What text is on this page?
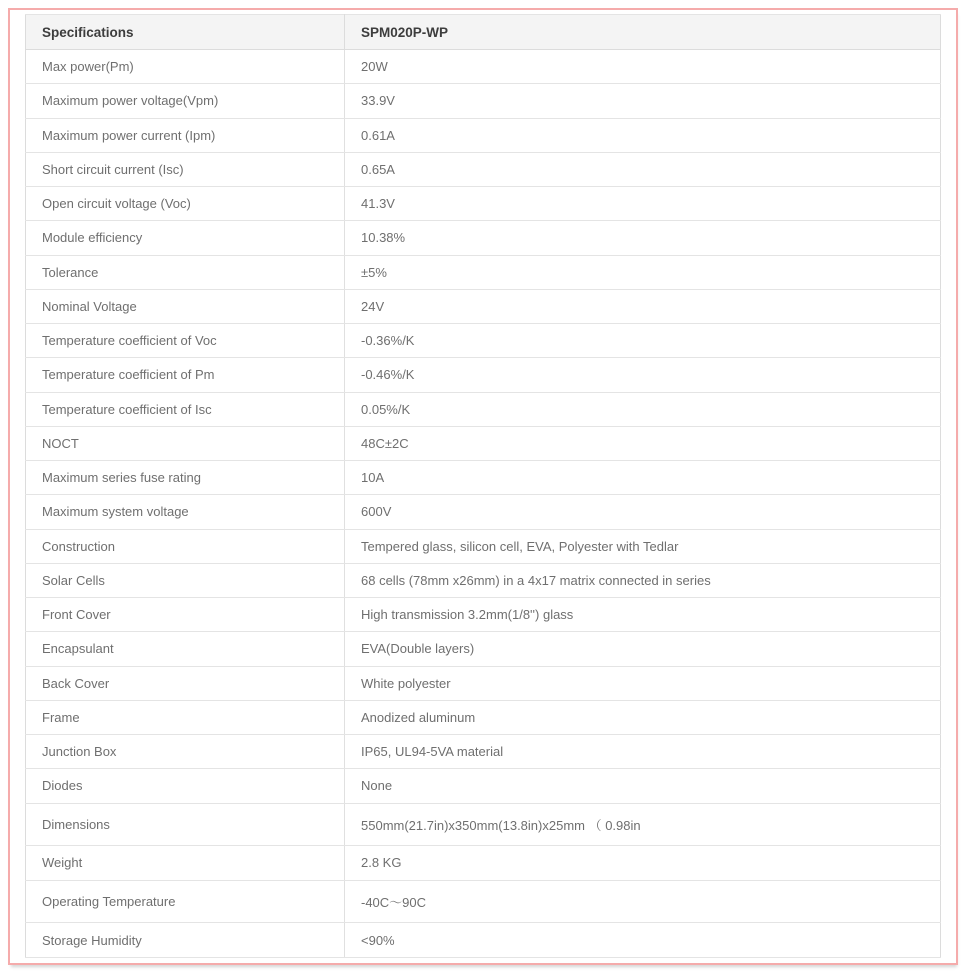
Specifications	SPM020P-WP
Max power(Pm)	20W
Maximum power voltage(Vpm)	33.9V
Maximum power current (Ipm)	0.61A
Short circuit current (Isc)	0.65A
Open circuit voltage (Voc)	41.3V
Module efficiency	10.38%
Tolerance	±5%
Nominal Voltage	24V
Temperature coefficient of Voc	-0.36%/K
Temperature coefficient of Pm	-0.46%/K
Temperature coefficient of Isc	0.05%/K
NOCT	48C±2C
Maximum series fuse rating	10A
Maximum system voltage	600V
Construction	Tempered glass, silicon cell, EVA, Polyester with Tedlar
Solar Cells	68 cells (78mm x26mm) in a 4x17 matrix connected in series
Front Cover	High transmission 3.2mm(1/8'') glass
Encapsulant	EVA(Double layers)
Back Cover	White polyester
Frame	Anodized aluminum
Junction Box	IP65, UL94-5VA material
Diodes	None
Dimensions	550mm(21.7in)x350mm(13.8in)x25mm （ 0.98in
Weight	2.8 KG
Operating Temperature	-40C～90C
Storage Humidity	<90%
